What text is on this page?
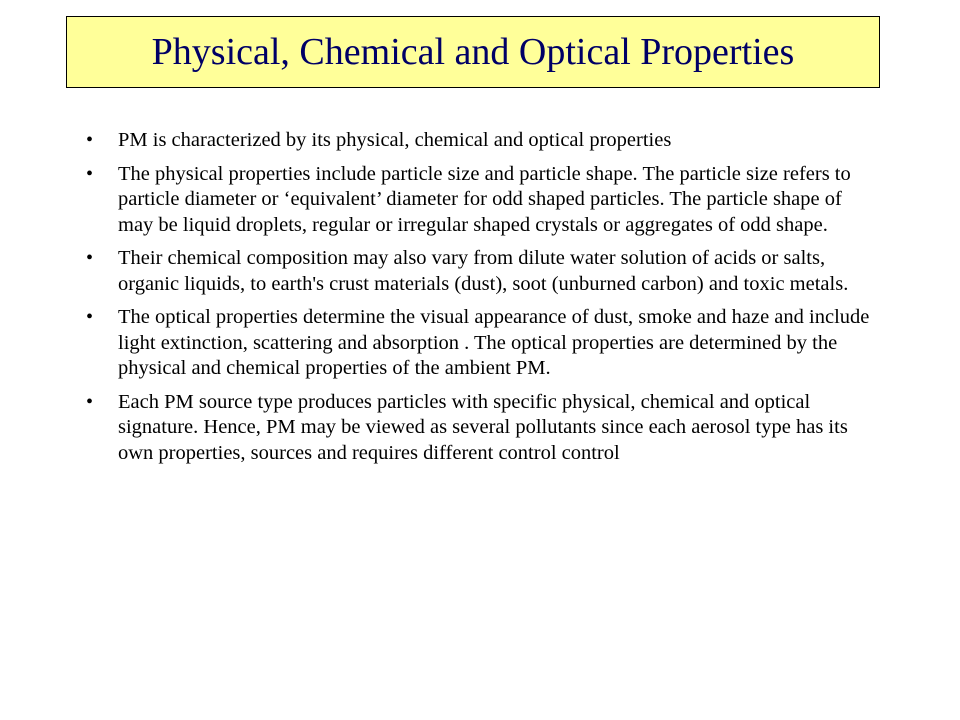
Physical, Chemical and Optical Properties
• PM is characterized by its physical, chemical and optical properties
• The physical properties include particle size and particle shape. The particle size refers to particle diameter or ‘equivalent’ diameter for odd shaped particles. The particle shape of may be liquid droplets, regular or irregular shaped crystals or aggregates of odd shape.
• Their chemical composition may also vary from dilute water solution of acids or salts, organic liquids, to earth's crust materials (dust), soot (unburned carbon) and toxic metals.
• The optical properties determine the visual appearance of dust, smoke and haze and include light extinction, scattering and absorption . The optical properties are determined by the physical and chemical properties of the ambient PM.
• Each PM source type produces particles with specific physical, chemical and optical signature. Hence, PM may be viewed as several pollutants since each aerosol type has its own properties, sources and requires different control control
